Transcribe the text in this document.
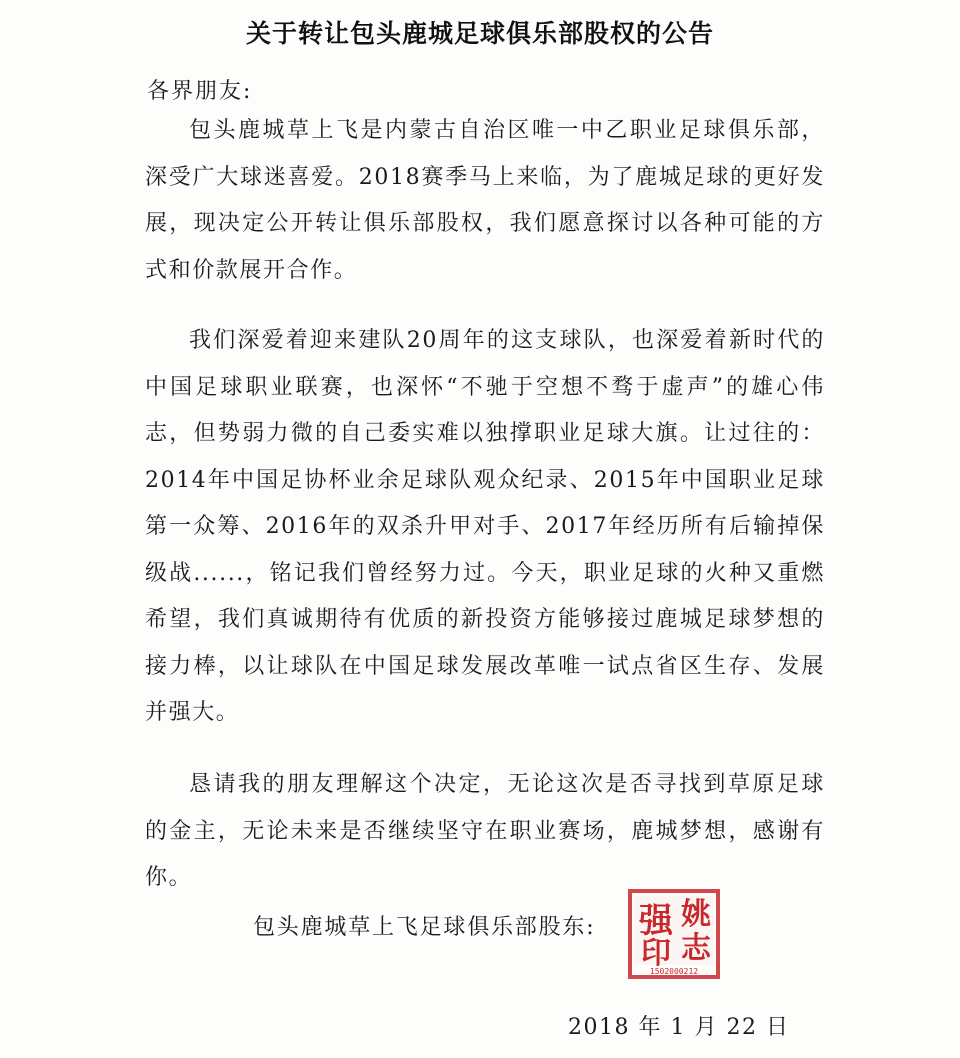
关于转让包头鹿城足球俱乐部股权的公告
各界朋友:

包头鹿城草上飞是内蒙古自治区唯一中乙职业足球俱乐部，深受广大球迷喜爱。2018赛季马上来临，为了鹿城足球的更好发展，现决定公开转让俱乐部股权，我们愿意探讨以各种可能的方式和价款展开合作。

我们深爱着迎来建队20周年的这支球队，也深爱着新时代的中国足球职业联赛，也深怀“不驰于空想不骛于虚声”的雄心伟志，但势弱力微的自己委实难以独撑职业足球大旗。让过往的：2014年中国足协杯业余足球队观众纪录、2015年中国职业足球第一众筹、2016年的双杀升甲对手、2017年经历所有后输掉保级战......，铭记我们曾经努力过。今天，职业足球的火种又重燃希望，我们真诚期待有优质的新投资方能够接过鹿城足球梦想的接力棒，以让球队在中国足球发展改革唯一试点省区生存、发展并强大。

恳请我的朋友理解这个决定，无论这次是否寻找到草原足球的金主，无论未来是否继续坚守在职业赛场，鹿城梦想，感谢有你。

包头鹿城草上飞足球俱乐部股东:	姚
强
志
印
1502000212
2018 年 1 月 22 日
